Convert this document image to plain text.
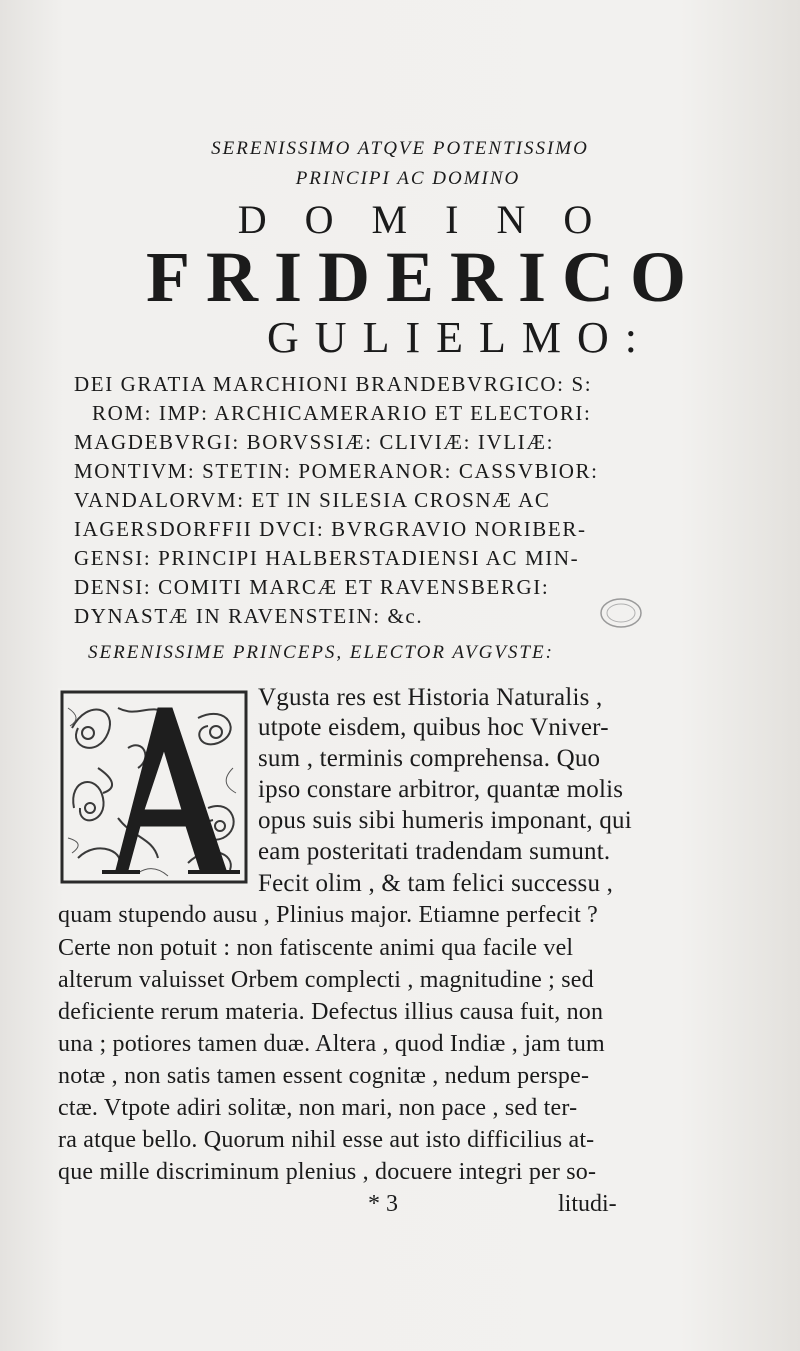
SERENISSIMO ATQVE POTENTISSIMO
PRINCIPI AC DOMINO
DOMINO
FRIDERICO
GULIELMO:
DEI GRATIA MARCHIONI BRANDEBVRGICO: S:
ROM: IMP: ARCHICAMERARIO ET ELECTORI:
MAGDEBVRGI: BORVSSIÆ: CLIVIÆ: IVLIÆ:
MONTIVM: STETIN: POMERANOR: CASSVBIOR:
VANDALORVM: ET IN SILESIA CROSNÆ AC
IAGERSDORFFII DVCI: BVRGRAVIO NORIBER-
GENSI: PRINCIPI HALBERSTADIENSI AC MIN-
DENSI: COMITI MARCÆ ET RAVENSBERGI:
DYNASTÆ IN RAVENSTEIN: &c.
SERENISSIME PRINCEPS, ELECTOR AVGVSTE:
Vgusta res est Historia Naturalis ,
utpote eisdem, quibus hoc Vniver-
sum , terminis comprehensa. Quo
ipso constare arbitror, quantæ molis
opus suis sibi humeris imponant, qui
eam posteritati tradendam sumunt.
Fecit olim , & tam felici successu ,
quam stupendo ausu , Plinius major. Etiamne perfecit ?
Certe non potuit : non fatiscente animi qua facile vel
alterum valuisset Orbem complecti , magnitudine ; sed
deficiente rerum materia. Defectus illius causa fuit, non
una ; potiores tamen duæ. Altera , quod Indiæ , jam tum
notæ , non satis tamen essent cognitæ , nedum perspe-
ctæ. Vtpote adiri solitæ, non mari, non pace , sed ter-
ra atque bello. Quorum nihil esse aut isto difficilius at-
que mille discriminum plenius , docuere integri per so-
* 3	litudi-
